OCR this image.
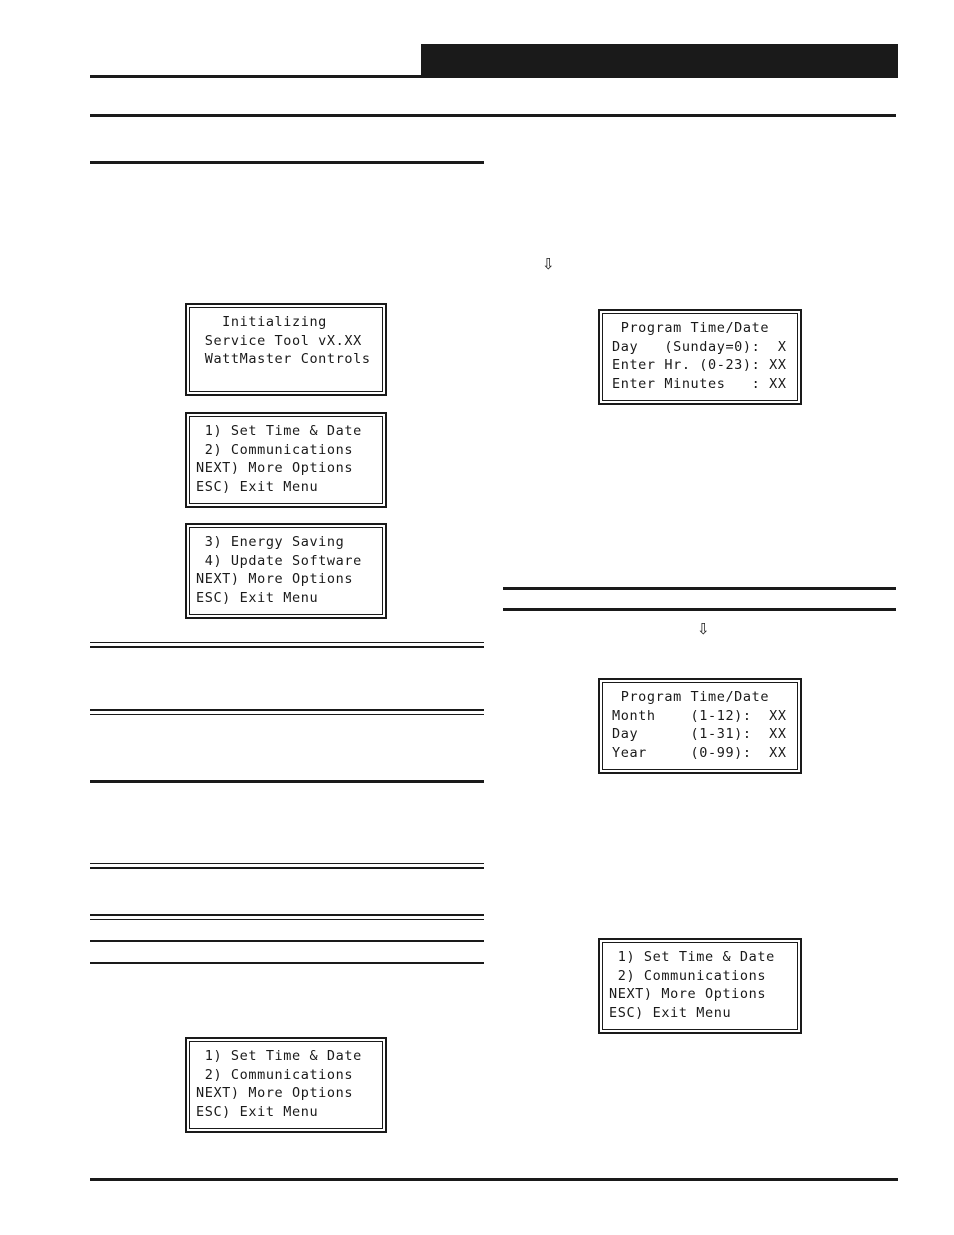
⇩
⇩
Initializing
Service Tool vX.XX
WattMaster Controls
1) Set Time & Date
2) Communications
NEXT) More Options
ESC) Exit Menu
3) Energy Saving
4) Update Software
NEXT) More Options
ESC) Exit Menu
1) Set Time & Date
2) Communications
NEXT) More Options
ESC) Exit Menu
Program Time/Date
Day   (Sunday=0):  X
Enter Hr. (0-23): XX
Enter Minutes   : XX
Program Time/Date
Month    (1-12):  XX
Day      (1-31):  XX
Year     (0-99):  XX
1) Set Time & Date
2) Communications
NEXT) More Options
ESC) Exit Menu
